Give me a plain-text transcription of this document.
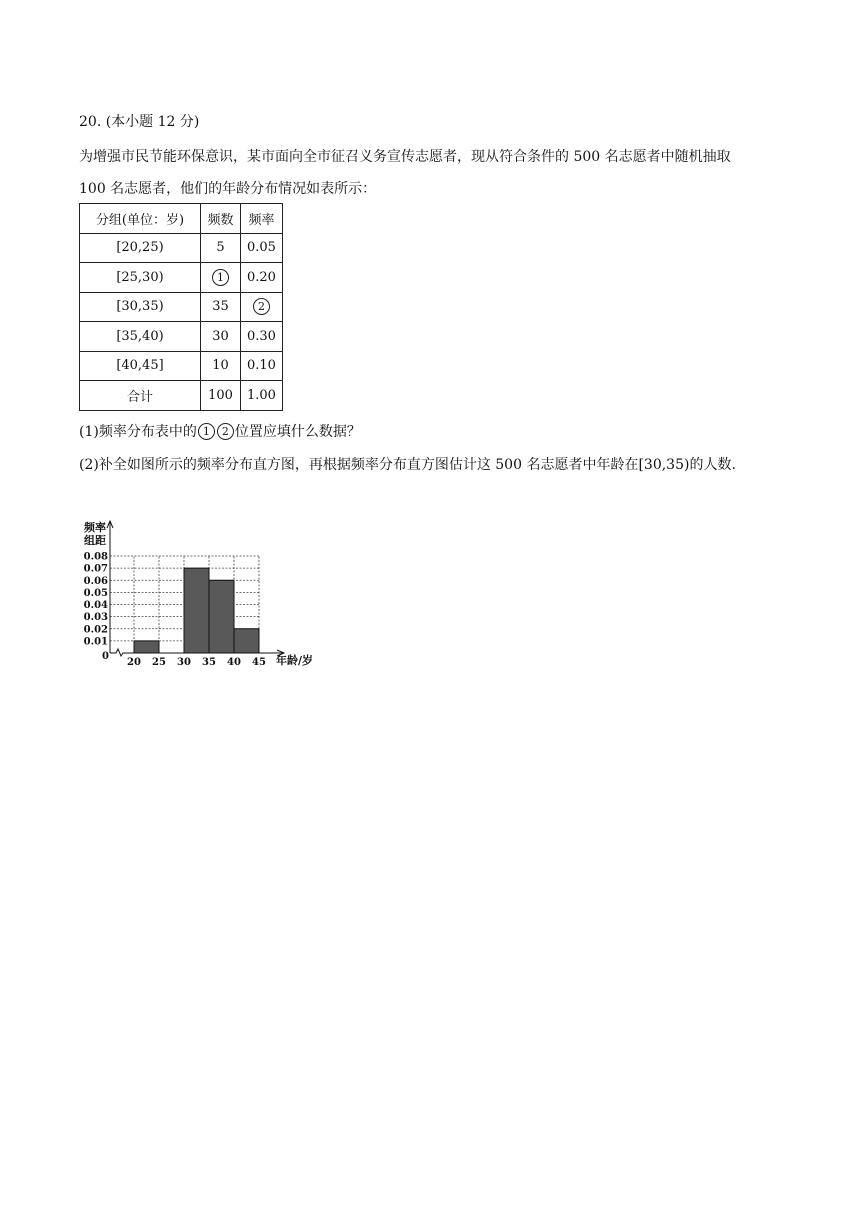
20. (本小题 12 分)
为增强市民节能环保意识，某市面向全市征召义务宣传志愿者，现从符合条件的 500 名志愿者中随机抽取
100 名志愿者，他们的年龄分布情况如表所示：
分组(单位：岁)	频数	频率
[20,25)	5	0.05
[25,30)	1	0.20
[30,35)	35	2
[35,40)	30	0.30
[40,45]	10	0.10
合计	100	1.00
(1)频率分布表中的 1 2 位置应填什么数据？
(2)补全如图所示的频率分布直方图，再根据频率分布直方图估计这 500 名志愿者中年龄在[30,35)的人数.
频率
组距
0	年龄/岁
0.01
0.02
0.03
0.04
0.05
0.06
0.07
0.08
20 25 30 35 40 45
